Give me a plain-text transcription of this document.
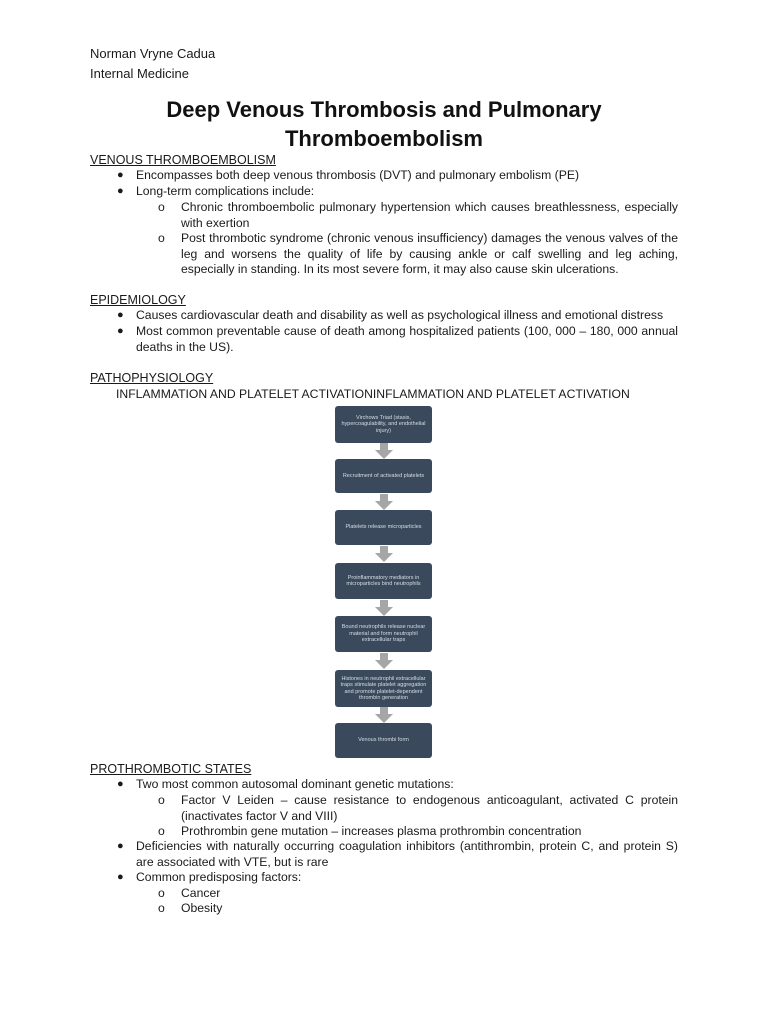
Norman Vryne Cadua
Internal Medicine
Deep Venous Thrombosis and Pulmonary
Thromboembolism
VENOUS THROMBOEMBOLISM
● Encompasses both deep venous thrombosis (DVT) and pulmonary embolism (PE)
● Long-term complications include:
o Chronic thromboembolic pulmonary hypertension which causes breathlessness, especially with exertion
o Post thrombotic syndrome (chronic venous insufficiency) damages the venous valves of the leg and worsens the quality of life by causing ankle or calf swelling and leg aching, especially in standing. In its most severe form, it may also cause skin ulcerations.
EPIDEMIOLOGY
● Causes cardiovascular death and disability as well as psychological illness and emotional distress
● Most common preventable cause of death among hospitalized patients (100, 000 – 180, 000 annual deaths in the US).
PATHOPHYSIOLOGY
INFLAMMATION AND PLATELET ACTIVATIONINFLAMMATION AND PLATELET ACTIVATION
Virchows Triad (stasis, hypercoagulability, and endothelial injury)
Recruitment of activated platelets
Platelets release microparticles
Proinflammatory mediators in microparticles bind neutrophils
Bound neutrophils release nuclear material and form neutrophil extracellular traps
Histones in neutrophil extracellular traps stimulate platelet aggregation and promote platelet-dependent thrombin generation
Venous thrombi form
PROTHROMBOTIC STATES
● Two most common autosomal dominant genetic mutations:
o Factor V Leiden – cause resistance to endogenous anticoagulant, activated C protein (inactivates factor V and VIII)
o Prothrombin gene mutation – increases plasma prothrombin concentration
● Deficiencies with naturally occurring coagulation inhibitors (antithrombin, protein C, and protein S) are associated with VTE, but is rare
● Common predisposing factors:
o Cancer
o Obesity
